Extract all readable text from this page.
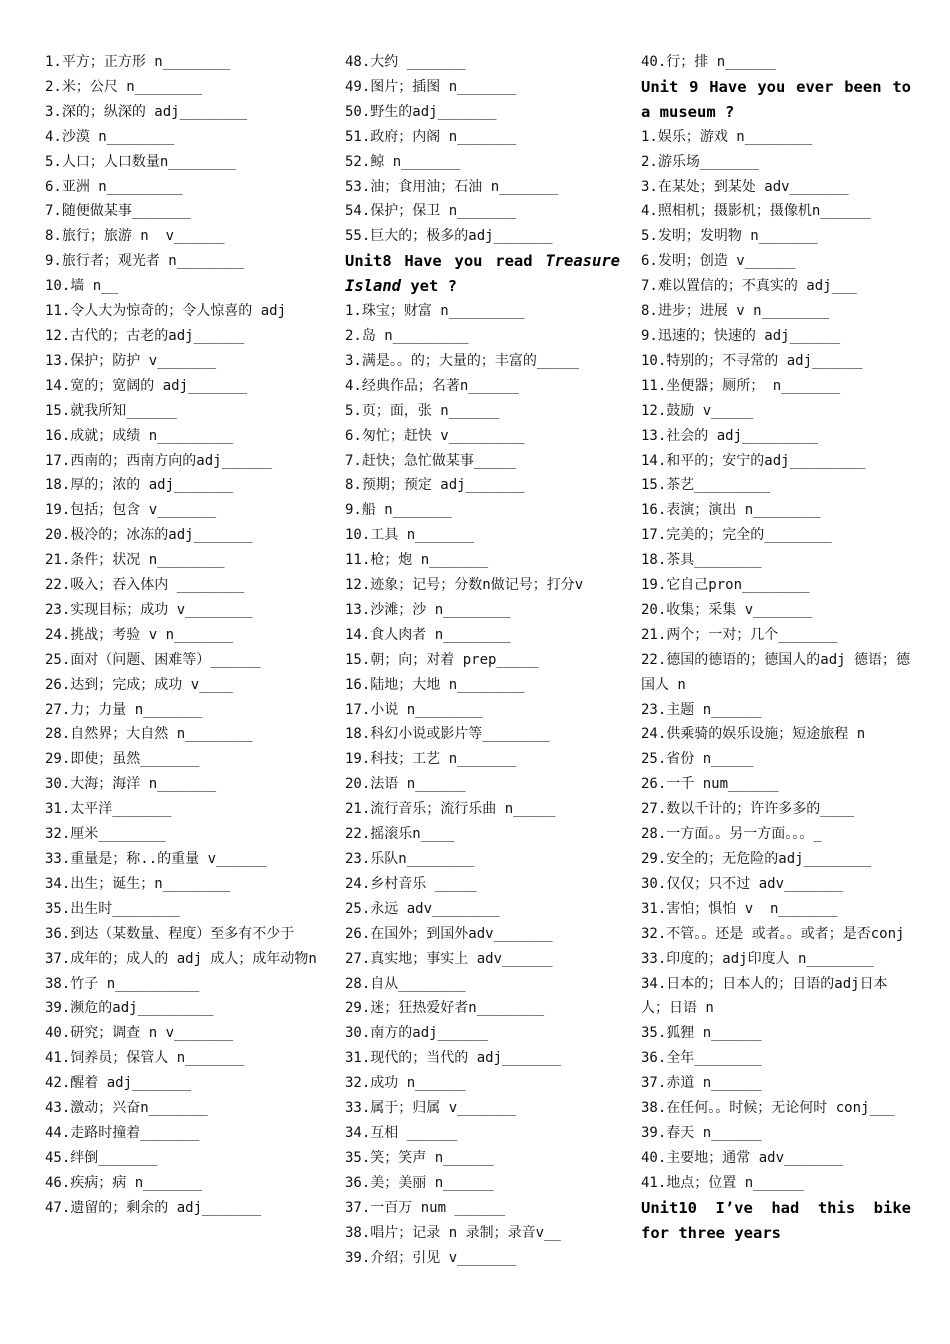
1.平方；正方形 n________
2.米；公尺 n________
3.深的；纵深的 adj________
4.沙漠 n________
5.人口；人口数量n________
6.亚洲 n_________
7.随便做某事_______
8.旅行；旅游 n  v______
9.旅行者；观光者 n________
10.墙 n__
11.令人大为惊奇的；令人惊喜的 adj
12.古代的；古老的adj______
13.保护；防护 v_______
14.宽的；宽阔的 adj_______
15.就我所知______
16.成就；成绩 n_________
17.西南的；西南方向的adj______
18.厚的；浓的 adj_______
19.包括；包含 v_______
20.极冷的；冰冻的adj_______
21.条件；状况 n________
22.吸入；吞入体内 ________
23.实现目标；成功 v________
24.挑战；考验 v n_______
25.面对（问题、困难等）______
26.达到；完成；成功 v____
27.力；力量 n_______
28.自然界；大自然 n________
29.即使；虽然_______
30.大海；海洋 n_______
31.太平洋_______
32.厘米________
33.重量是；称..的重量 v______
34.出生；诞生；n________
35.出生时________
36.到达（某数量、程度）至多有不少于
37.成年的；成人的 adj 成人；成年动物n
38.竹子 n__________
39.濒危的adj_________
40.研究；调查 n v_______
41.饲养员；保管人 n_______
42.醒着 adj_______
43.激动；兴奋n_______
44.走路时撞着_______
45.绊倒_______
46.疾病；病 n_______
47.遗留的；剩余的 adj_______
48.大约 _______
49.图片；插图 n_______
50.野生的adj_______
51.政府；内阁 n_______
52.鲸 n_______
53.油；食用油；石油 n_______
54.保护；保卫 n_______
55.巨大的；极多的adj_______
Unit8 Have you read Treasure Island yet ?
1.珠宝；财富 n_________
2.岛 n_________
3.满是。。的；大量的；丰富的_____
4.经典作品；名著n______
5.页；面，张 n______
6.匆忙；赶快 v_________
7.赶快；急忙做某事_____
8.预期；预定 adj_______
9.船 n_______
10.工具 n_______
11.枪；炮 n_______
12.迹象；记号；分数n做记号；打分v
13.沙滩；沙 n________
14.食人肉者 n________
15.朝；向；对着 prep_____
16.陆地；大地 n________
17.小说 n________
18.科幻小说或影片等________
19.科技；工艺 n_______
20.法语 n______
21.流行音乐；流行乐曲 n_____
22.摇滚乐n____
23.乐队n________
24.乡村音乐 _____
25.永远 adv________
26.在国外；到国外adv_______
27.真实地；事实上 adv______
28.自从________
29.迷；狂热爱好者n________
30.南方的adj______
31.现代的；当代的 adj_______
32.成功 n______
33.属于；归属 v_______
34.互相 ______
35.笑；笑声 n______
36.美；美丽 n______
37.一百万 num ______
38.唱片；记录 n 录制；录音v__
39.介绍；引见 v_______
40.行；排 n______
Unit 9 Have you ever been to a museum ?
1.娱乐；游戏 n________
2.游乐场_______
3.在某处；到某处 adv_______
4.照相机；摄影机；摄像机n______
5.发明；发明物 n_______
6.发明；创造 v______
7.难以置信的；不真实的 adj___
8.进步；进展 v n________
9.迅速的；快速的 adj______
10.特别的；不寻常的 adj______
11.坐便器；厕所； n_______
12.鼓励 v_____
13.社会的 adj_________
14.和平的；安宁的adj_________
15.茶艺_________
16.表演；演出 n________
17.完美的；完全的________
18.茶具________
19.它自己pron________
20.收集；采集 v_______
21.两个；一对；几个_______
22.德国的德语的；德国人的adj 德语；德国人 n
23.主题 n______
24.供乘骑的娱乐设施；短途旅程 n
25.省份 n_____
26.一千 num______
27.数以千计的；许许多多的____
28.一方面。。另一方面。。。_
29.安全的；无危险的adj________
30.仅仅；只不过 adv_______
31.害怕；惧怕 v  n_______
32.不管。。还是 或者。。或者；是否conj
33.印度的；adj印度人 n________
34.日本的；日本人的；日语的adj日本人；日语 n
35.狐狸 n______
36.全年________
37.赤道 n______
38.在任何。。时候；无论何时 conj___
39.春天 n______
40.主要地；通常 adv_______
41.地点；位置 n______
Unit10 I’ve had this bike for three years
